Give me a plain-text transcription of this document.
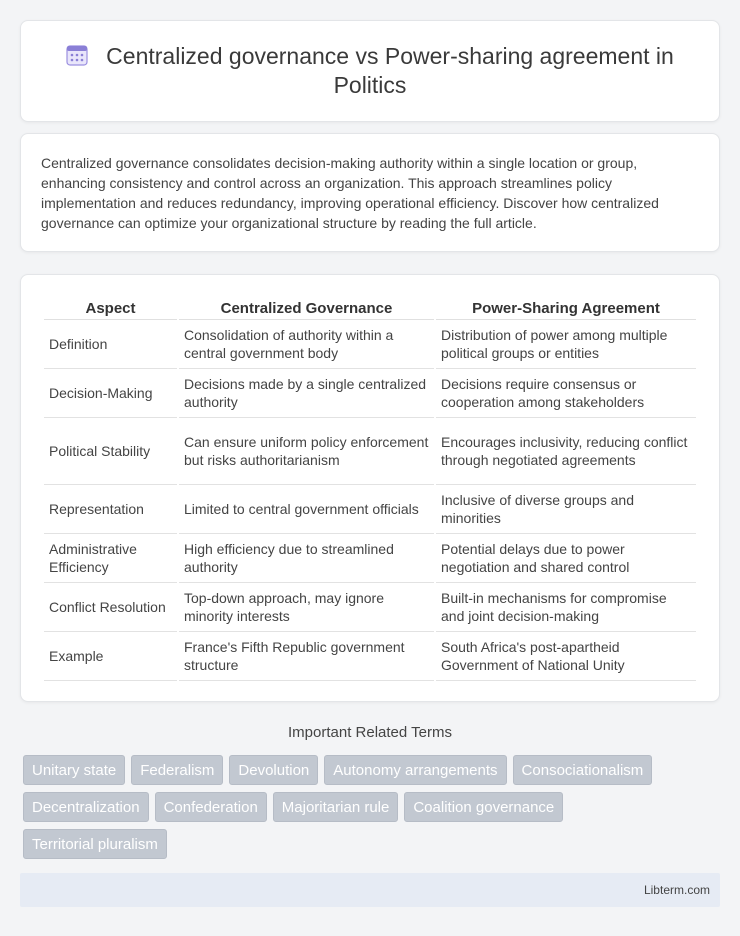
Centralized governance vs Power-sharing agreement in Politics

Centralized governance consolidates decision-making authority within a single location or group, enhancing consistency and control across an organization. This approach streamlines policy implementation and reduces redundancy, improving operational efficiency. Discover how centralized governance can optimize your organizational structure by reading the full article.

Aspect	Centralized Governance	Power-Sharing Agreement
Definition	Consolidation of authority within a central government body	Distribution of power among multiple political groups or entities
Decision-Making	Decisions made by a single centralized authority	Decisions require consensus or cooperation among stakeholders
Political Stability	Can ensure uniform policy enforcement but risks authoritarianism	Encourages inclusivity, reducing conflict through negotiated agreements
Representation	Limited to central government officials	Inclusive of diverse groups and minorities
Administrative Efficiency	High efficiency due to streamlined authority	Potential delays due to power negotiation and shared control
Conflict Resolution	Top-down approach, may ignore minority interests	Built-in mechanisms for compromise and joint decision-making
Example	France's Fifth Republic government structure	South Africa's post-apartheid Government of National Unity
Important Related Terms
Unitary state	Federalism	Devolution	Autonomy arrangements	Consociationalism
Decentralization	Confederation	Majoritarian rule	Coalition governance
Territorial pluralism
Libterm.com
